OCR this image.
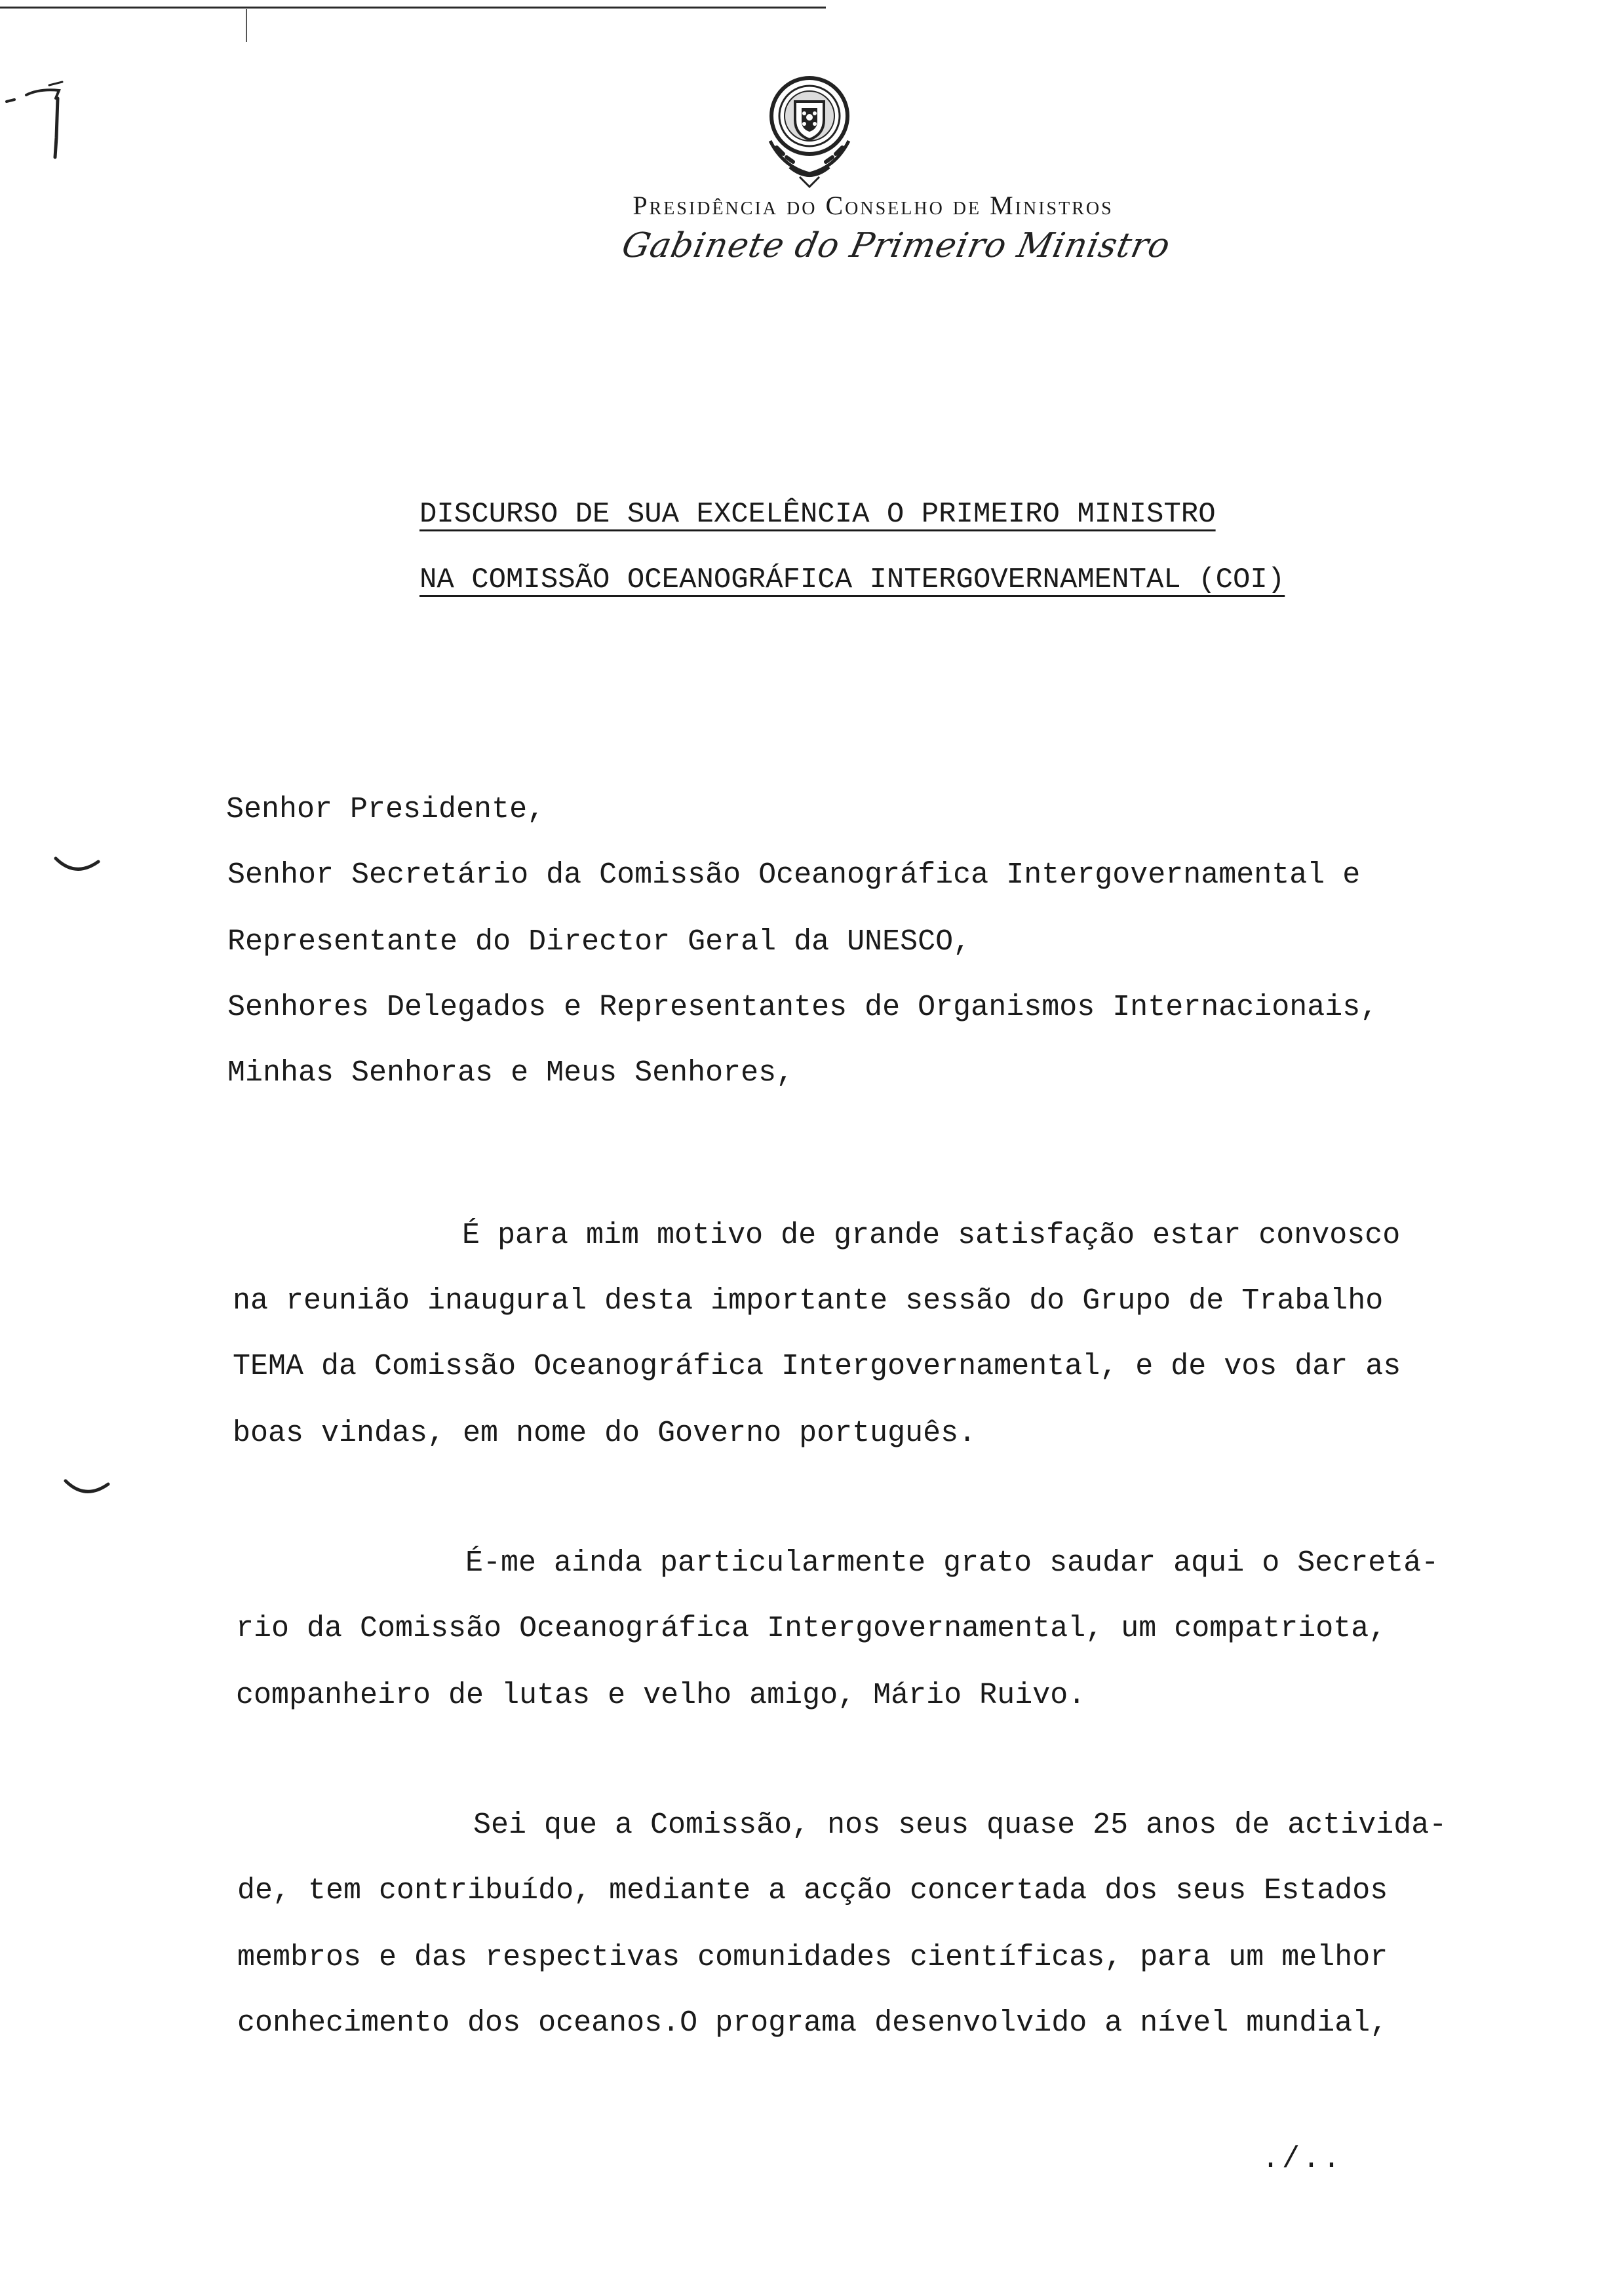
Presidência do Conselho de Ministros
Gabinete do Primeiro Ministro
DISCURSO DE SUA EXCELÊNCIA O PRIMEIRO MINISTRO
NA COMISSÃO OCEANOGRÁFICA INTERGOVERNAMENTAL (COI)
Senhor Presidente,
Senhor Secretário da Comissão Oceanográfica Intergovernamental e
Representante do Director Geral da UNESCO,
Senhores Delegados e Representantes de Organismos Internacionais,
Minhas Senhoras e Meus Senhores,
É para mim motivo de grande satisfação estar convosco
na reunião inaugural desta importante sessão do Grupo de Trabalho
TEMA da Comissão Oceanográfica Intergovernamental, e de vos dar as
boas vindas, em nome do Governo português.
É-me ainda particularmente grato saudar aqui o Secretá-
rio da Comissão Oceanográfica Intergovernamental, um compatriota,
companheiro de lutas e velho amigo, Mário Ruivo.
Sei que a Comissão, nos seus quase 25 anos de activida-
de, tem contribuído, mediante a acção concertada dos seus Estados
membros e das respectivas comunidades científicas, para um melhor
conhecimento dos oceanos.O programa desenvolvido a nível mundial,
./..
